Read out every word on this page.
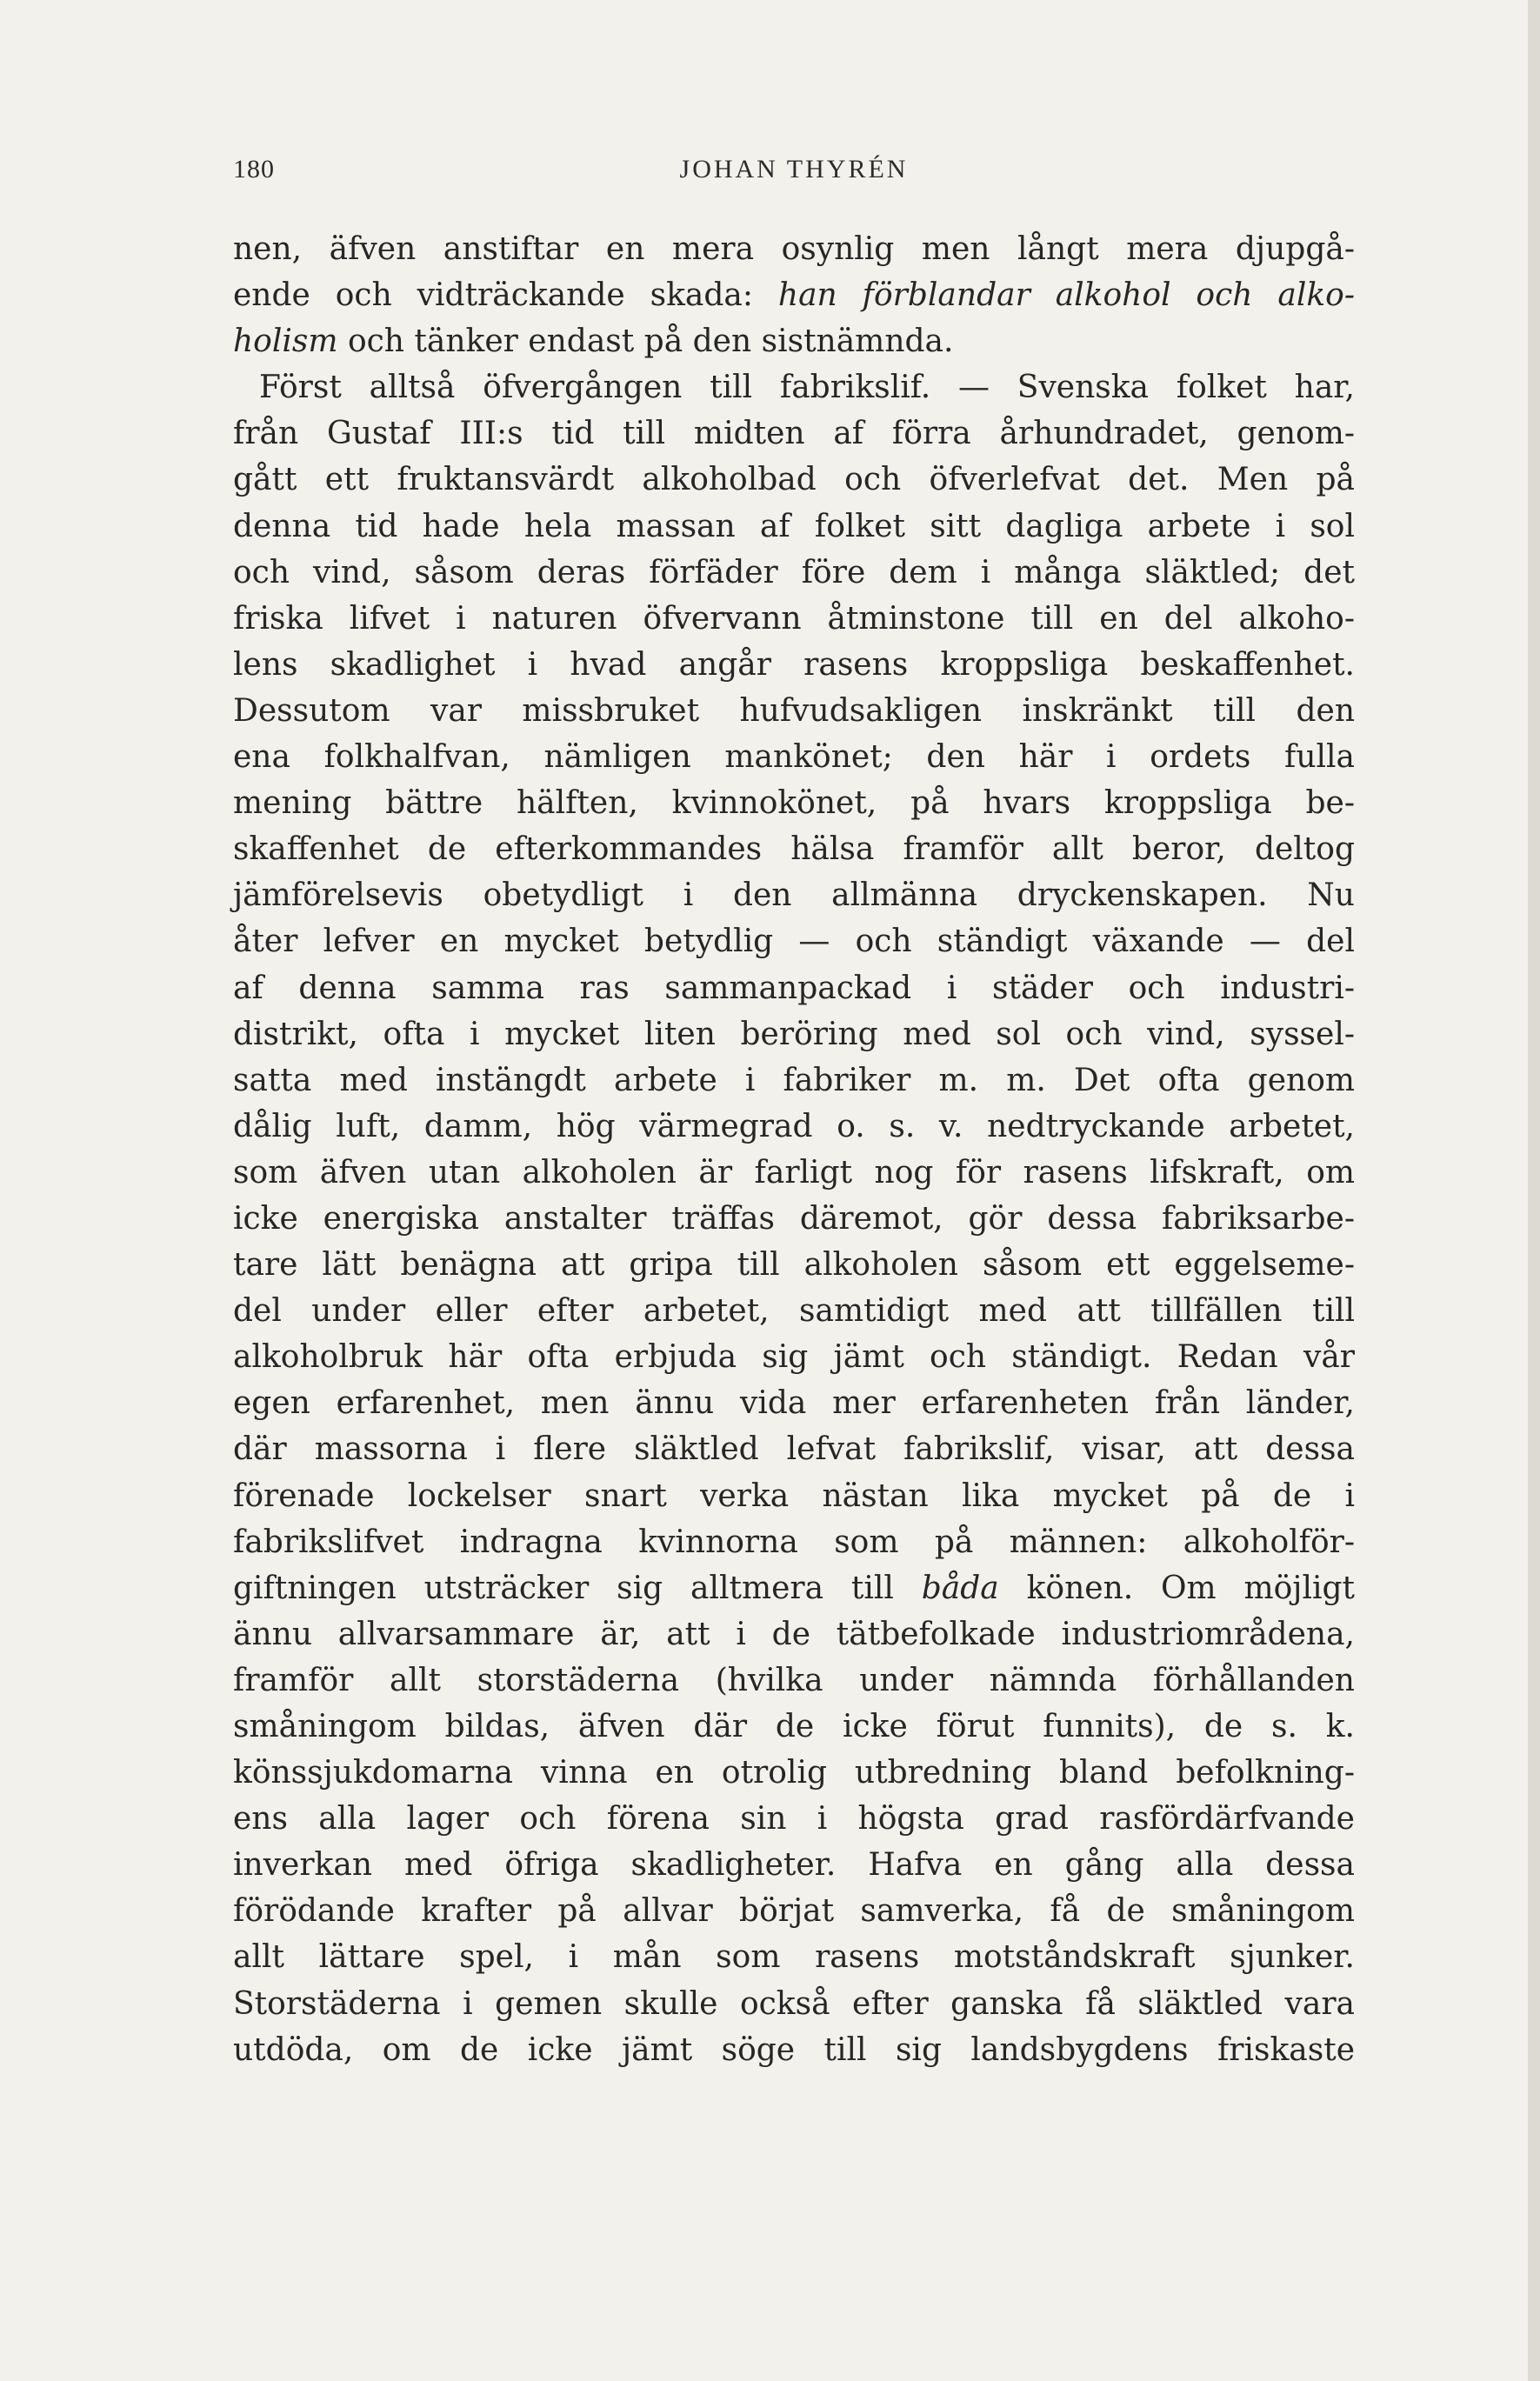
180	JOHAN THYRÉN
nen, äfven anstiftar en mera osynlig men långt mera djupgå-
ende och vidträckande skada: han förblandar alkohol och alko-
holism och tänker endast på den sistnämnda.
Först alltså öfvergången till fabrikslif. — Svenska folket har,
från Gustaf III:s tid till midten af förra århundradet, genom-
gått ett fruktansvärdt alkoholbad och öfverlefvat det. Men på
denna tid hade hela massan af folket sitt dagliga arbete i sol
och vind, såsom deras förfäder före dem i många släktled; det
friska lifvet i naturen öfvervann åtminstone till en del alkoho-
lens skadlighet i hvad angår rasens kroppsliga beskaffenhet.
Dessutom var missbruket hufvudsakligen inskränkt till den
ena folkhalfvan, nämligen mankönet; den här i ordets fulla
mening bättre hälften, kvinnokönet, på hvars kroppsliga be-
skaffenhet de efterkommandes hälsa framför allt beror, deltog
jämförelsevis obetydligt i den allmänna dryckenskapen. Nu
åter lefver en mycket betydlig — och ständigt växande — del
af denna samma ras sammanpackad i städer och industri-
distrikt, ofta i mycket liten beröring med sol och vind, syssel-
satta med instängdt arbete i fabriker m. m. Det ofta genom
dålig luft, damm, hög värmegrad o. s. v. nedtryckande arbetet,
som äfven utan alkoholen är farligt nog för rasens lifskraft, om
icke energiska anstalter träffas däremot, gör dessa fabriksarbe-
tare lätt benägna att gripa till alkoholen såsom ett eggelseme-
del under eller efter arbetet, samtidigt med att tillfällen till
alkoholbruk här ofta erbjuda sig jämt och ständigt. Redan vår
egen erfarenhet, men ännu vida mer erfarenheten från länder,
där massorna i flere släktled lefvat fabrikslif, visar, att dessa
förenade lockelser snart verka nästan lika mycket på de i
fabrikslifvet indragna kvinnorna som på männen: alkoholför-
giftningen utsträcker sig alltmera till båda könen. Om möjligt
ännu allvarsammare är, att i de tätbefolkade industriområdena,
framför allt storstäderna (hvilka under nämnda förhållanden
småningom bildas, äfven där de icke förut funnits), de s. k.
könssjukdomarna vinna en otrolig utbredning bland befolkning-
ens alla lager och förena sin i högsta grad rasfördärfvande
inverkan med öfriga skadligheter. Hafva en gång alla dessa
förödande krafter på allvar börjat samverka, få de småningom
allt lättare spel, i mån som rasens motståndskraft sjunker.
Storstäderna i gemen skulle också efter ganska få släktled vara
utdöda, om de icke jämt söge till sig landsbygdens friskaste
